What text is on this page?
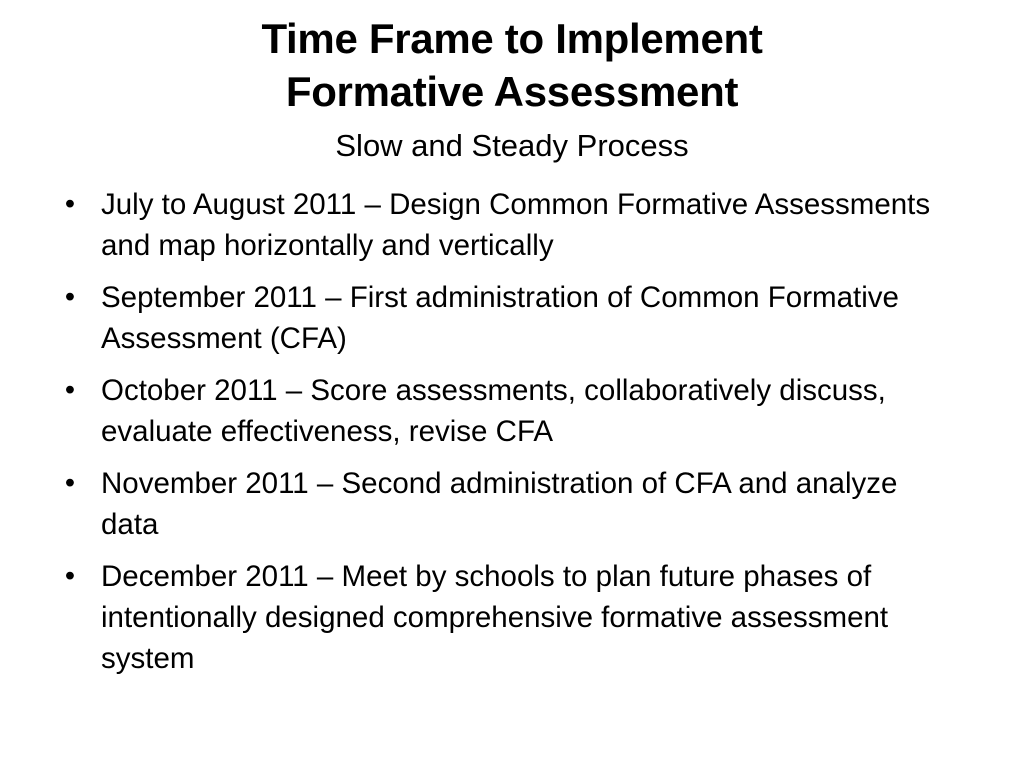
Time Frame to Implement
Formative Assessment
Slow and Steady Process
• July to August 2011 – Design Common Formative Assessments and map horizontally and vertically
• September 2011 – First administration of Common Formative Assessment (CFA)
• October 2011 – Score assessments, collaboratively discuss, evaluate effectiveness, revise CFA
• November 2011 – Second administration of CFA and analyze data
• December 2011 – Meet by schools to plan future phases of intentionally designed comprehensive formative assessment system
